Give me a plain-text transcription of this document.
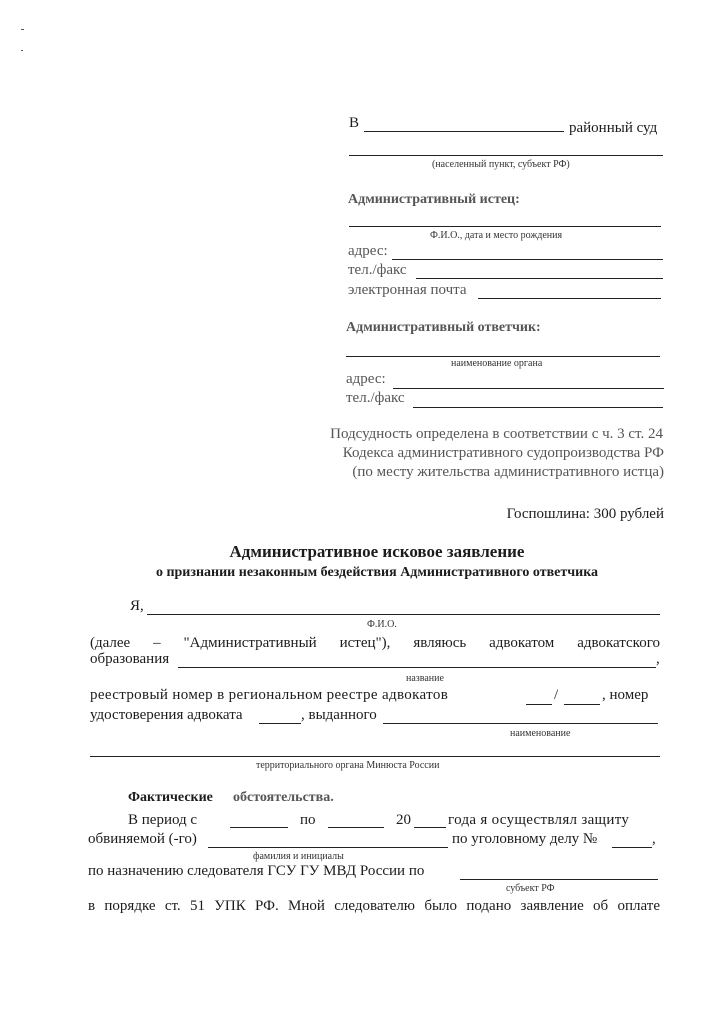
В	районный суд
(населенный пункт, субъект РФ)
Административный истец:
Ф.И.О., дата и место рождения
адрес:
тел./факс
электронная почта
Административный ответчик:
наименование органа
адрес:
тел./факс
Подсудность определена в соответствии с ч. 3 ст. 24
Кодекса административного судопроизводства РФ
(по месту жительства административного истца)
Госпошлина: 300 рублей
Административное исковое заявление
о признании незаконным бездействия Административного ответчика
Я,
Ф.И.О.
(далее – "Административный истец"), являюсь адвокатом адвокатского
образования	,
название
реестровый номер в региональном реестре адвокатов	/	, номер
удостоверения адвоката	, выданного
наименование
территориального органа Минюста России
Фактические обстоятельства.
В период с	по	20 года я осуществлял защиту
обвиняемой (-го)	по уголовному делу №	,
фамилия и инициалы
по назначению следователя ГСУ ГУ МВД России по
субъект РФ
в порядке ст. 51 УПК РФ. Мной следователю было подано заявление об оплате
